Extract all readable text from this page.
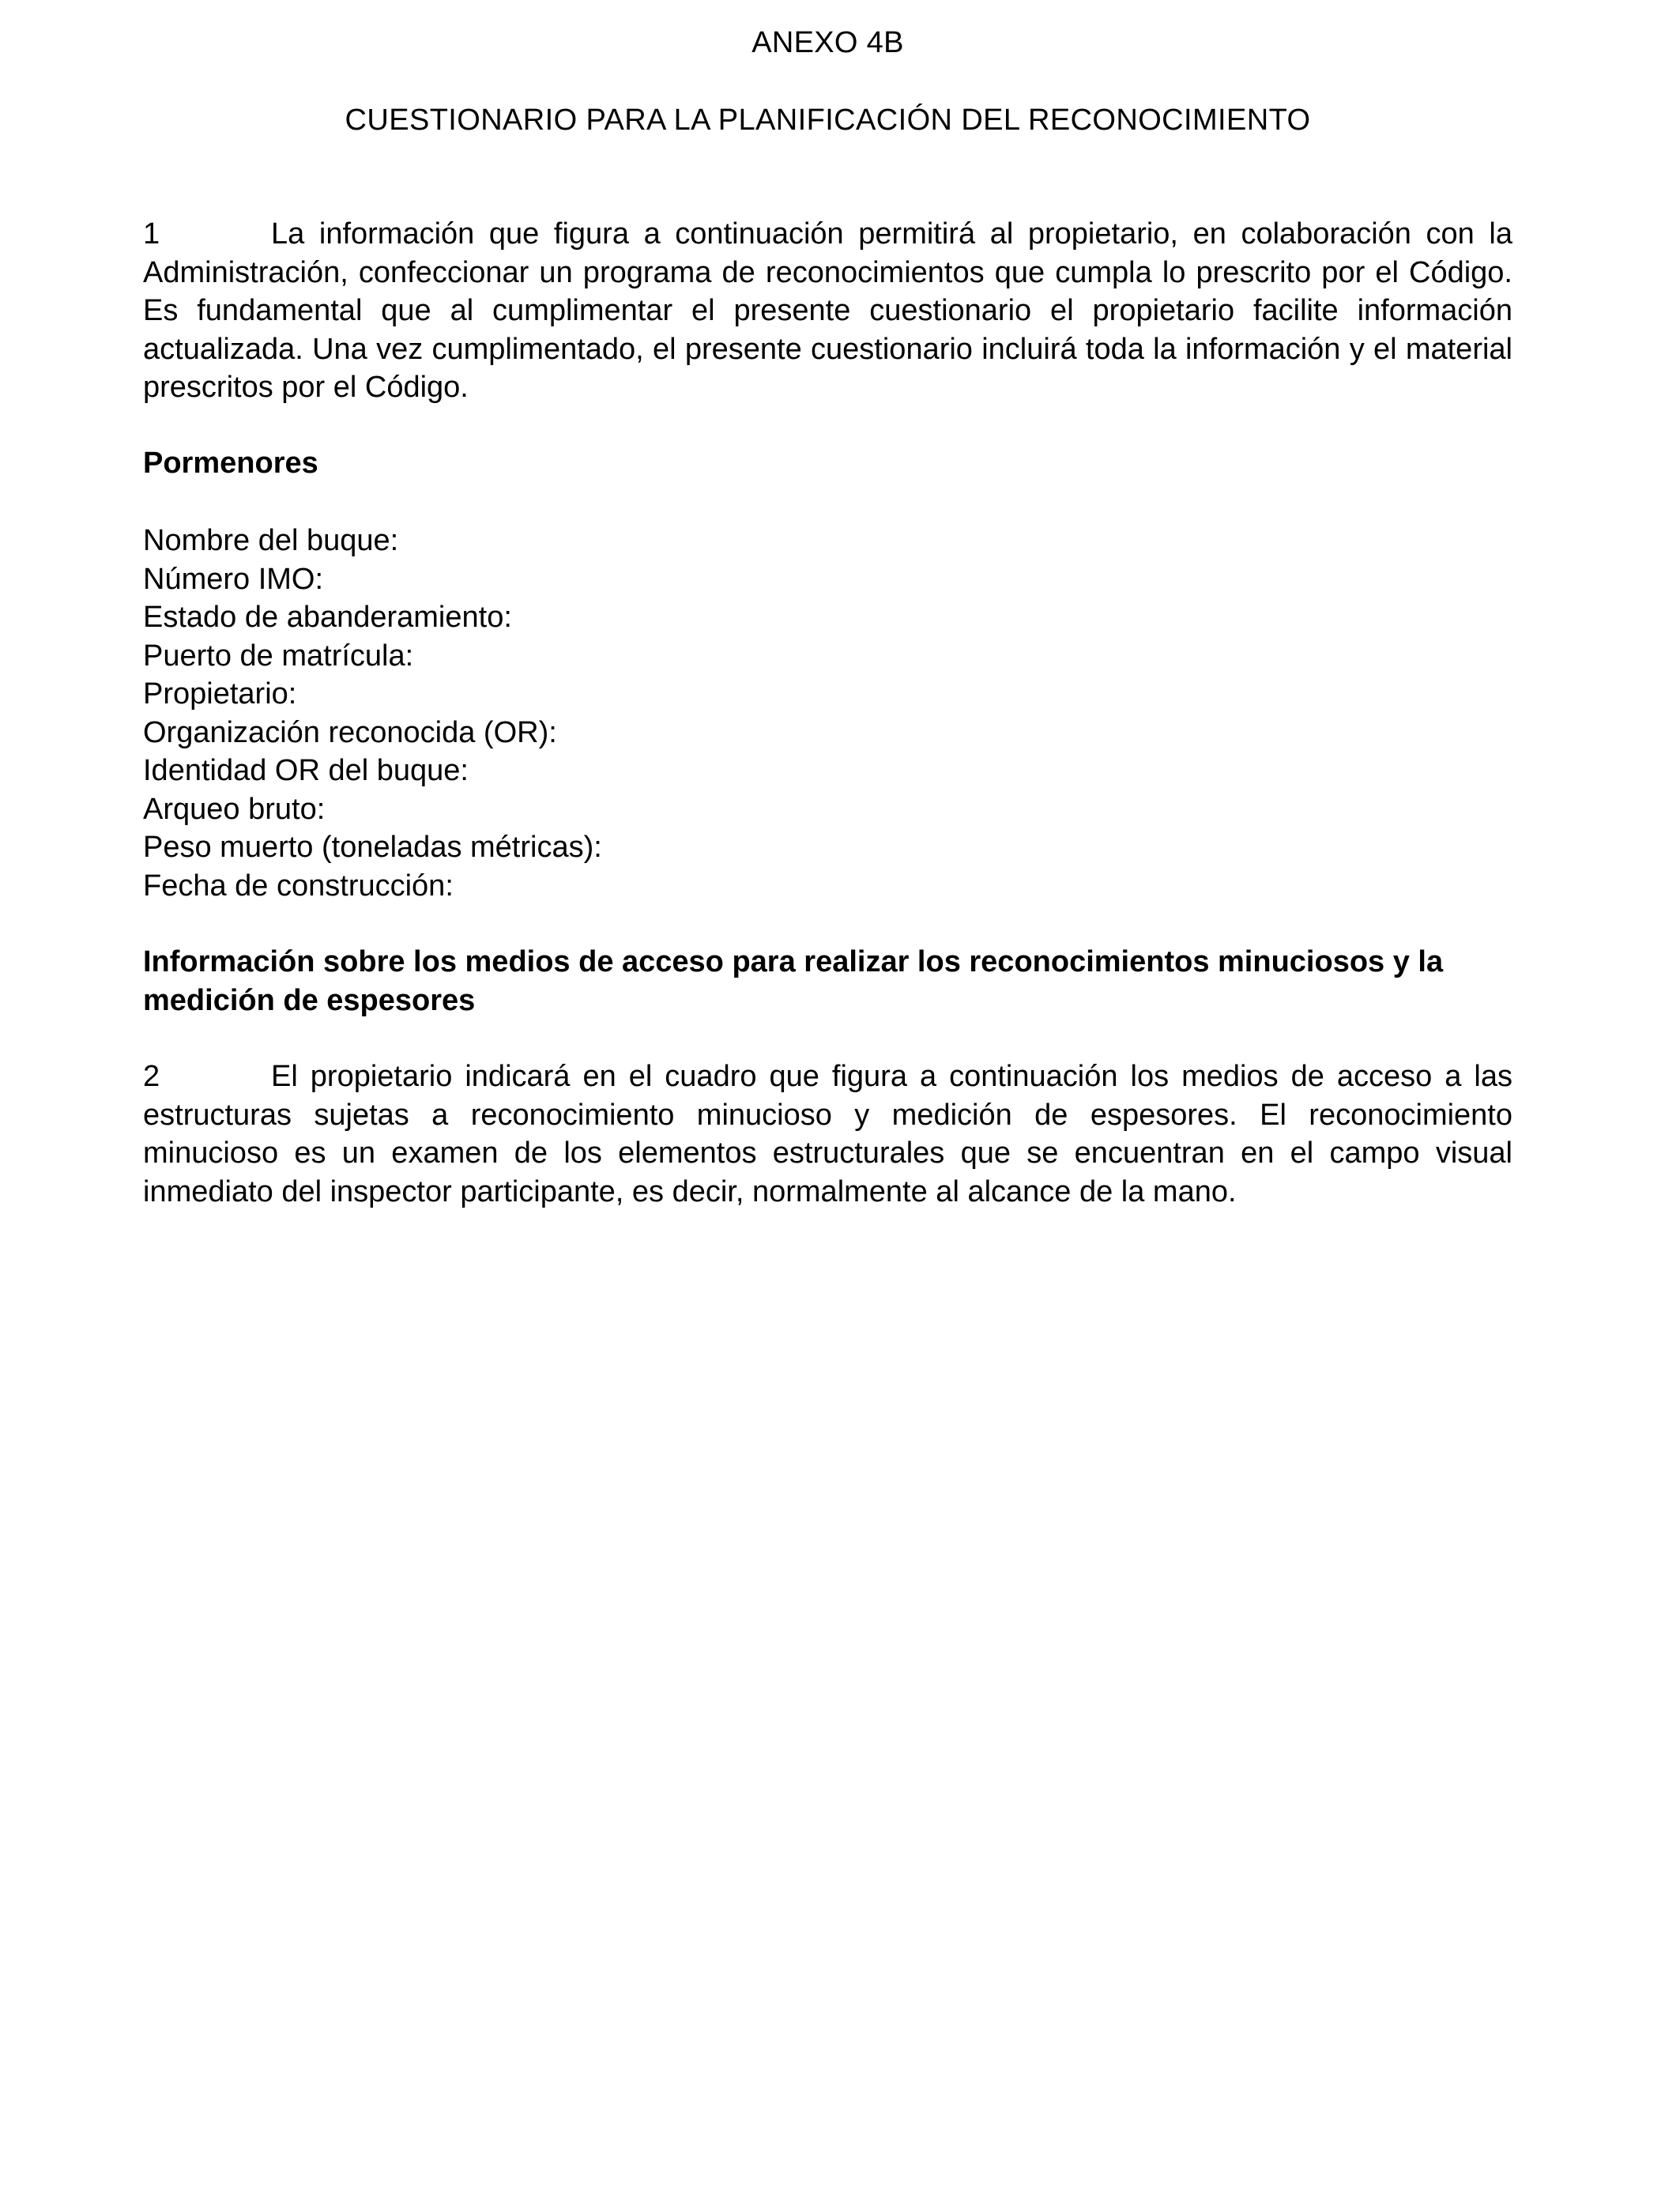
ANEXO 4B
CUESTIONARIO PARA LA PLANIFICACIÓN DEL RECONOCIMIENTO

1	La información que figura a continuación permitirá al propietario, en colaboración con la Administración, confeccionar un programa de reconocimientos que cumpla lo prescrito por el Código. Es fundamental que al cumplimentar el presente cuestionario el propietario facilite información actualizada. Una vez cumplimentado, el presente cuestionario incluirá toda la información y el material prescritos por el Código.

Pormenores
Nombre del buque:
Número IMO:
Estado de abanderamiento:
Puerto de matrícula:
Propietario:
Organización reconocida (OR):
Identidad OR del buque:
Arqueo bruto:
Peso muerto (toneladas métricas):
Fecha de construcción:
Información sobre los medios de acceso para realizar los reconocimientos minuciosos y la medición de espesores

2	El propietario indicará en el cuadro que figura a continuación los medios de acceso a las estructuras sujetas a reconocimiento minucioso y medición de espesores. El reconocimiento minucioso es un examen de los elementos estructurales que se encuentran en el campo visual inmediato del inspector participante, es decir, normalmente al alcance de la mano.
